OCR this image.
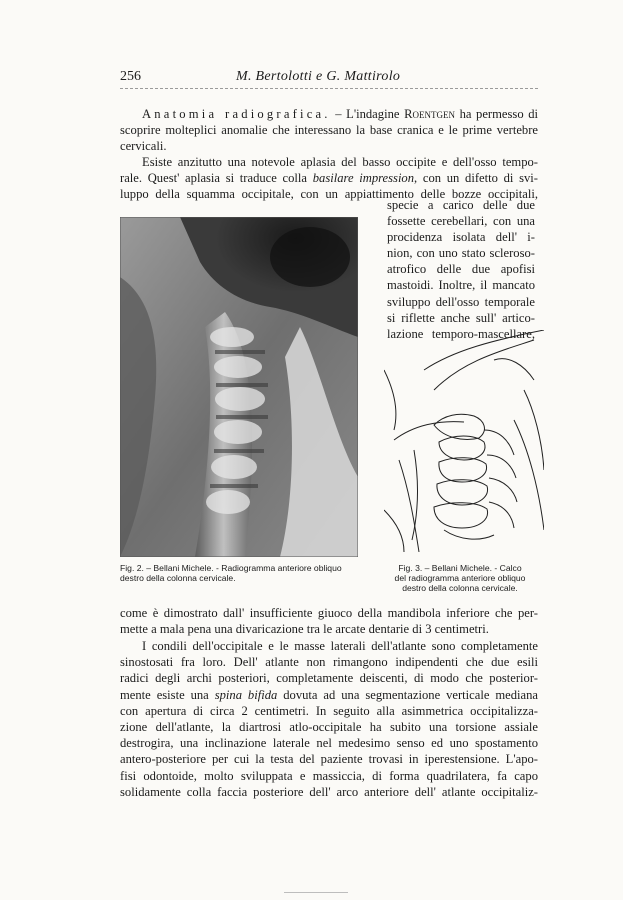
256	M. Bertolotti e G. Mattirolo
Anatomia radiografica. – L'indagine Roentgen ha permesso di
scoprire molteplici anomalie che interessano la base cranica e le prime vertebre
cervicali.
Esiste anzitutto una notevole aplasia del basso occipite e dell'osso tempo-
rale. Quest' aplasia si traduce colla basilare impression, con un difetto di svi-
luppo della squamma occipitale, con un appiattimento delle bozze occipitali,
specie a carico delle due
fossette cerebellari, con una
procidenza isolata dell' i-
nion, con uno stato scleroso-
atrofico delle due apofisi
mastoidi. Inoltre, il mancato
sviluppo dell'osso temporale
si riflette anche sull' artico-
lazione temporo-mascellare,
Fig. 2. – Bellani Michele. - Radiogramma anteriore obliquo
destro della colonna cervicale.
Fig. 3. – Bellani Michele. - Calco
del radiogramma anteriore obliquo
destro della colonna cervicale.
come è dimostrato dall' insufficiente giuoco della mandibola inferiore che per-
mette a mala pena una divaricazione tra le arcate dentarie di 3 centimetri.
I condili dell'occipitale e le masse laterali dell'atlante sono completamente
sinostosati fra loro. Dell' atlante non rimangono indipendenti che due esili
radici degli archi posteriori, completamente deiscenti, di modo che posterior-
mente esiste una spina bifida dovuta ad una segmentazione verticale mediana
con apertura di circa 2 centimetri. In seguito alla asimmetrica occipitalizza-
zione dell'atlante, la diartrosi atlo-occipitale ha subito una torsione assiale
destrogira, una inclinazione laterale nel medesimo senso ed uno spostamento
antero-posteriore per cui la testa del paziente trovasi in iperestensione. L'apo-
fisi odontoide, molto sviluppata e massiccia, di forma quadrilatera, fa capo
solidamente colla faccia posteriore dell' arco anteriore dell' atlante occipitaliz-
